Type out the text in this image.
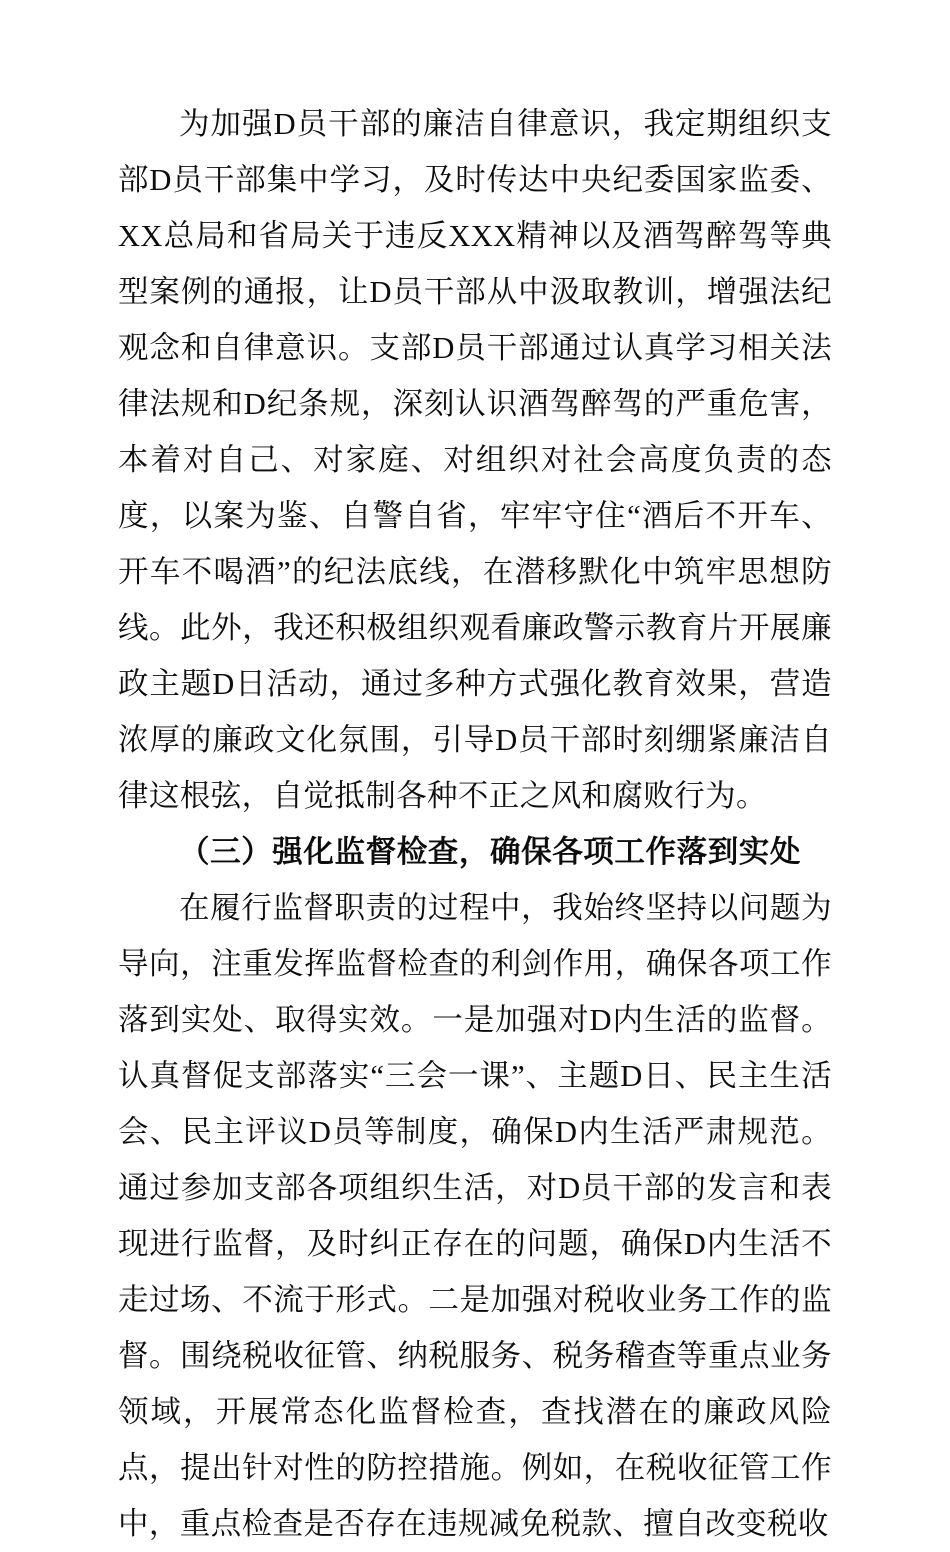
为加强D员干部的廉洁自律意识，我定期组织支部D员干部集中学习，及时传达中央纪委国家监委、XX总局和省局关于违反XXX精神以及酒驾醉驾等典型案例的通报，让D员干部从中汲取教训，增强法纪观念和自律意识。支部D员干部通过认真学习相关法律法规和D纪条规，深刻认识酒驾醉驾的严重危害，本着对自己、对家庭、对组织对社会高度负责的态度，以案为鉴、自警自省，牢牢守住“酒后不开车、开车不喝酒”的纪法底线，在潜移默化中筑牢思想防线。此外，我还积极组织观看廉政警示教育片开展廉政主题D日活动，通过多种方式强化教育效果，营造浓厚的廉政文化氛围，引导D员干部时刻绷紧廉洁自律这根弦，自觉抵制各种不正之风和腐败行为。

（三）强化监督检查，确保各项工作落到实处

在履行监督职责的过程中，我始终坚持以问题为导向，注重发挥监督检查的利剑作用，确保各项工作落到实处、取得实效。一是加强对D内生活的监督。认真督促支部落实“三会一课”、主题D日、民主生活会、民主评议D员等制度，确保D内生活严肃规范。通过参加支部各项组织生活，对D员干部的发言和表现进行监督，及时纠正存在的问题，确保D内生活不走过场、不流于形式。二是加强对税收业务工作的监督。围绕税收征管、纳税服务、税务稽查等重点业务领域，开展常态化监督检查，查找潜在的廉政风险点，提出针对性的防控措施。例如，在税收征管工作中，重点检查是否存在违规减免税款、擅自改变税收
